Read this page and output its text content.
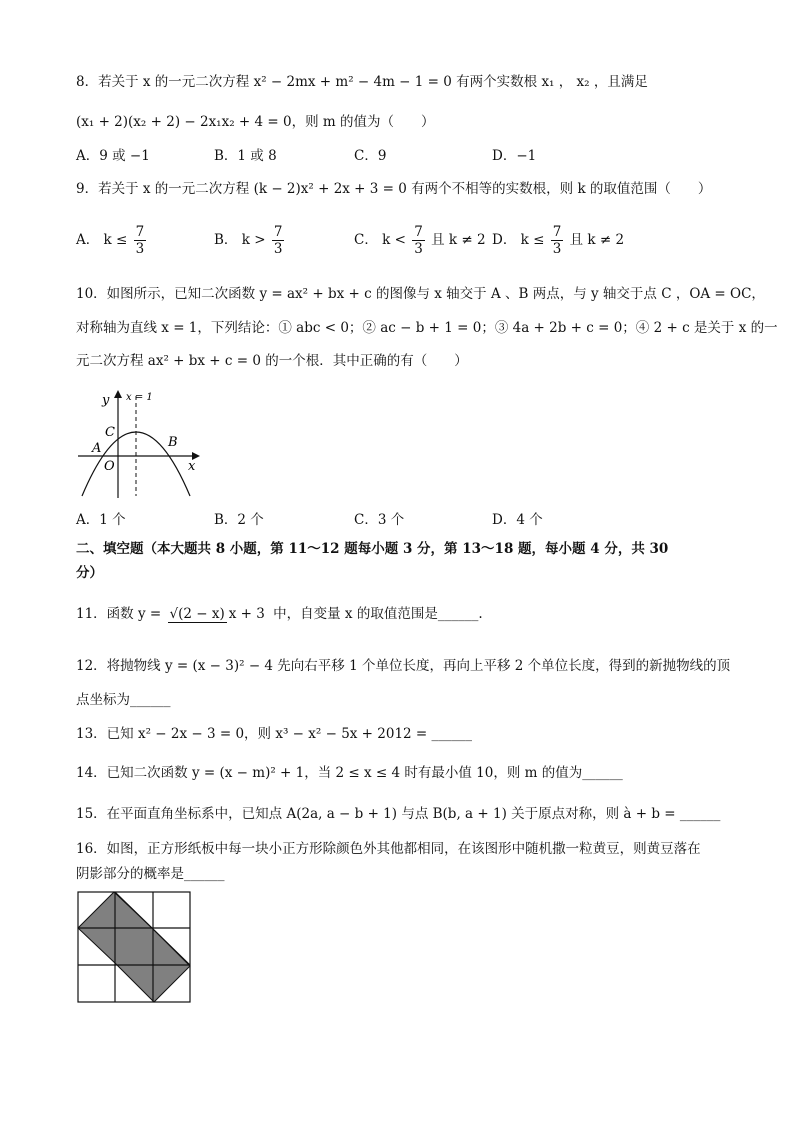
8．若关于 x 的一元二次方程 x² − 2mx + m² − 4m − 1 = 0 有两个实数根 x₁ ， x₂ ，且满足
(x₁ + 2)(x₂ + 2) − 2x₁x₂ + 4 = 0，则 m 的值为（　　）
A．9 或 −1	B．1 或 8	C．9	D．−1
9．若关于 x 的一元二次方程 (k − 2)x² + 2x + 3 = 0 有两个不相等的实数根，则 k 的取值范围（　　）
A． $k \le \frac{7}{3}$	B． $k > \frac{7}{3}$	C． $k < \frac{7}{3}$ 且 k ≠ 2 D． $k \le \frac{7}{3}$ 且 k ≠ 2
10．如图所示，已知二次函数 y = ax² + bx + c 的图像与 x 轴交于 A 、B 两点，与 y 轴交于点 C ，OA = OC，
对称轴为直线 x = 1，下列结论：① abc < 0；② ac − b + 1 = 0；③ 4a + 2b + c = 0；④ 2 + c 是关于 x 的一
元二次方程 ax² + bx + c = 0 的一个根．其中正确的有（　　）
y x = 1
C
A	B
O	x
A．1 个	B．2 个	C．3 个	D．4 个
二、填空题（本大题共 8 小题，第 11～12 题每小题 3 分，第 13～18 题，每小题 4 分，共 30
分）
11．函数 y = √(2 − x) x + 3 中，自变量 x 的取值范围是______.
12．将抛物线 y = (x − 3)² − 4 先向右平移 1 个单位长度，再向上平移 2 个单位长度，得到的新抛物线的顶
点坐标为______
13．已知 x² − 2x − 3 = 0，则 x³ − x² − 5x + 2012 = ______
14．已知二次函数 y = (x − m)² + 1，当 2 ≤ x ≤ 4 时有最小值 10，则 m 的值为______
15．在平面直角坐标系中，已知点 A(2a, a − b + 1) 与点 B(b, a + 1) 关于原点对称，则 à + b = ______
16．如图，正方形纸板中每一块小正方形除颜色外其他都相同，在该图形中随机撒一粒黄豆，则黄豆落在
阴影部分的概率是______
